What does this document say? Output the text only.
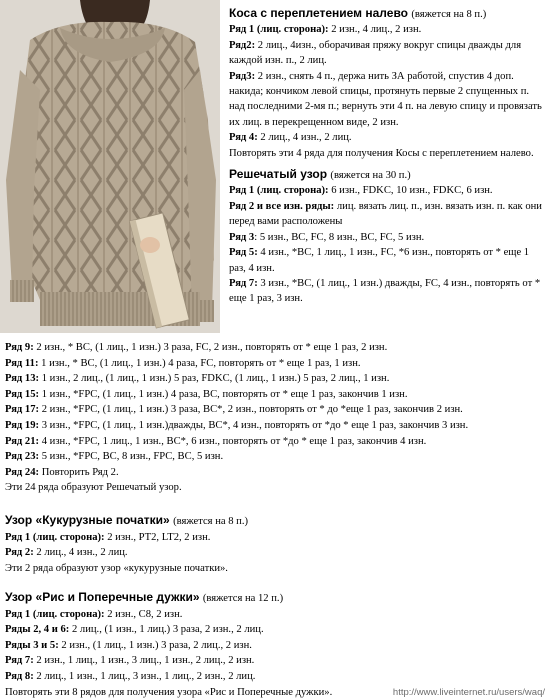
Коса с переплетением налево (вяжется на 8 п.)
Ряд 1 (лиц. сторона): 2 изн., 4 лиц., 2 изн.
Ряд2: 2 лиц., 4изн., оборачивая пряжу вокруг спицы дважды для каждой изн. п., 2 лиц.
Ряд3: 2 изн., снять 4 п., держа нить ЗА работой, спустив 4 доп. накида; кончиком левой спицы, протянуть первые 2 спущенных п. над последними 2-мя п.; вернуть эти 4 п. на левую спицу и провязать их лиц. в перекрещенном виде, 2 изн.
Ряд 4: 2 лиц., 4 изн., 2 лиц.
Повторять эти 4 ряда для получения Косы с переплетением налево.
Решечатый узор (вяжется на 30 п.)
Ряд 1 (лиц. сторона): 6 изн., FDKC, 10 изн., FDKC, 6 изн.
Ряд 2 и все изн. ряды: лиц. вязать лиц. п., изн. вязать изн. п. как они перед вами расположены
Ряд 3: 5 изн., ВС, FC, 8 изн., ВС, FC, 5 изн.
Ряд 5: 4 изн., *ВС, 1 лиц., 1 изн., FC, *6 изн., повторять от * еще 1 раз, 4 изн.
Ряд 7: 3 изн., *ВС, (1 лиц., 1 изн.) дважды, FC, 4 изн., повторять от * еще 1 раз, 3 изн.
Ряд 9: 2 изн., * ВС, (1 лиц., 1 изн.) 3 раза, FC, 2 изн., повторять от * еще 1 раз, 2 изн.
Ряд 11: 1 изн., * ВС, (1 лиц., 1 изн.) 4 раза, FC, повторять от * еще 1 раз, 1 изн.
Ряд 13: 1 изн., 2 лиц., (1 лиц., 1 изн.) 5 раз, FDKC, (1 лиц., 1 изн.) 5 раз, 2 лиц., 1 изн.
Ряд 15: 1 изн., *FPC, (1 лиц., 1 изн.) 4 раза, ВС, повторять от * еще 1 раз, закончив 1 изн.
Ряд 17: 2 изн., *FPC, (1 лиц., 1 изн.) 3 раза, ВС*, 2 изн., повторять от * до *еще 1 раз, закончив 2 изн.
Ряд 19: 3 изн., *FPC, (1 лиц., 1 изн.)дважды, ВС*, 4 изн., повторять от *до * еще 1 раз, закончив 3 изн.
Ряд 21: 4 изн., *FPC, 1 лиц., 1 изн., ВС*, 6 изн., повторять от *до * еще 1 раз, закончив 4 изн.
Ряд 23: 5 изн., *FPC, ВС, 8 изн., FPC, ВС, 5 изн.
Ряд 24: Повторить Ряд 2.
Эти 24 ряда образуют Решечатый узор.
Узор «Кукурузные початки» (вяжется на 8 п.)
Ряд 1 (лиц. сторона): 2 изн., РТ2, LT2, 2 изн.
Ряд 2: 2 лиц., 4 изн., 2 лиц.
Эти 2 ряда образуют узор «кукурузные початки».
Узор «Рис и Поперечные дужки» (вяжется на 12 п.)
Ряд 1 (лиц. сторона): 2 изн., С8, 2 изн.
Ряды 2, 4 и 6: 2 лиц., (1 изн., 1 лиц.) 3 раза, 2 изн., 2 лиц.
Ряды 3 и 5: 2 изн., (1 лиц., 1 изн.) 3 раза, 2 лиц., 2 изн.
Ряд 7: 2 изн., 1 лиц., 1 изн., 3 лиц., 1 изн., 2 лиц., 2 изн.
Ряд 8: 2 лиц., 1 изн., 1 лиц., 3 изн., 1 лиц., 2 изн., 2 лиц.
Повторять эти 8 рядов для получения узора «Рис и Поперечные дужки».	http://www.liveinternet.ru/users/waq/
